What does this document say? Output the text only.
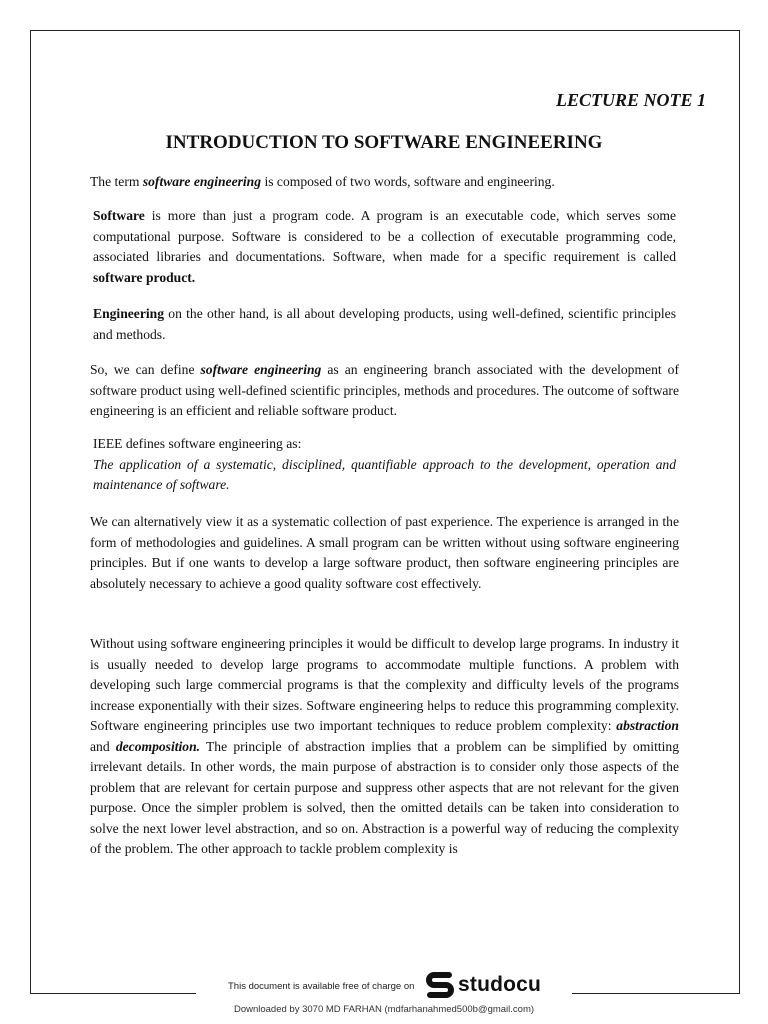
LECTURE NOTE 1
INTRODUCTION TO SOFTWARE ENGINEERING

The term software engineering is composed of two words, software and engineering.

Software is more than just a program code. A program is an executable code, which serves some computational purpose. Software is considered to be a collection of executable programming code, associated libraries and documentations. Software, when made for a specific requirement is called software product.

Engineering on the other hand, is all about developing products, using well-defined, scientific principles and methods.

So, we can define software engineering as an engineering branch associated with the development of software product using well-defined scientific principles, methods and procedures. The outcome of software engineering is an efficient and reliable software product.

IEEE defines software engineering as:
The application of a systematic, disciplined, quantifiable approach to the development, operation and maintenance of software.

We can alternatively view it as a systematic collection of past experience. The experience is arranged in the form of methodologies and guidelines. A small program can be written without using software engineering principles. But if one wants to develop a large software product, then software engineering principles are absolutely necessary to achieve a good quality software cost effectively.

Without using software engineering principles it would be difficult to develop large programs. In industry it is usually needed to develop large programs to accommodate multiple functions. A problem with developing such large commercial programs is that the complexity and difficulty levels of the programs increase exponentially with their sizes. Software engineering helps to reduce this programming complexity. Software engineering principles use two important techniques to reduce problem complexity: abstraction and decomposition. The principle of abstraction implies that a problem can be simplified by omitting irrelevant details. In other words, the main purpose of abstraction is to consider only those aspects of the problem that are relevant for certain purpose and suppress other aspects that are not relevant for the given purpose. Once the simpler problem is solved, then the omitted details can be taken into consideration to solve the next lower level abstraction, and so on. Abstraction is a powerful way of reducing the complexity of the problem. The other approach to tackle problem complexity is

This document is available free of charge on studocu
Downloaded by 3070 MD FARHAN (mdfarhanahmed500b@gmail.com)
